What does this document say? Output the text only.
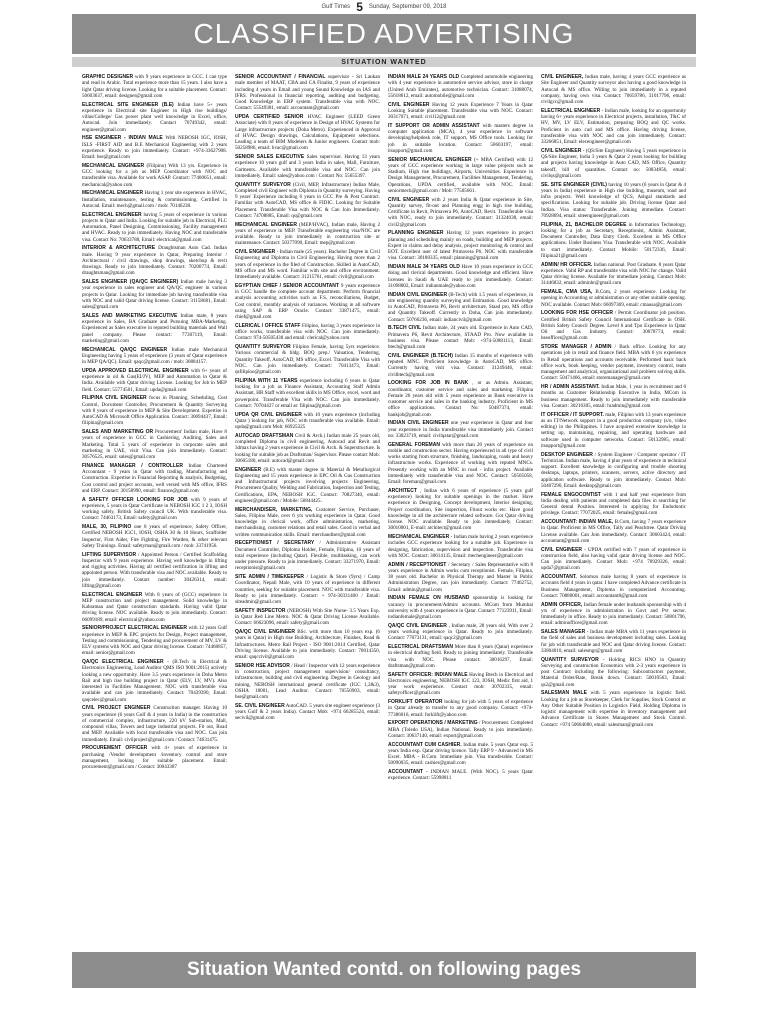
Gulf Times 5 Sunday, September 09, 2018
CLASSIFIED ADVERTISING
SITUATION WANTED

GRAPHIC DESIGNER with 9 years experience in GCC. I can type and read in Arabic. Total experience more than 15 years. I also have a light Qatar driving license. Looking for a suitable placement. Contact: 50603637, email: designer@gmail.com

ELECTRICAL SITE ENGINEER (B.E) Indian have 5+ years experience in Electrical site Engineer in High rise buildings/ villas/College/ Gas power plant well knowledge in Excel, office, Autocad. Join immediately. Contact 70749342, email: engineer@gmail.com

HSE ENGINEER - INDIAN MALE With NEBOSH IGC, IOSH, ISLS -FIRST AID and B.E Mechanical Engineering with 2 years experience. Ready to join immediately. Contact: +974-33627908. Email: hse@gmail.com

MECHANICAL ENGINEER (Filipino) With 13 yrs. Experience in GCC looking for a job as MEP Coordinator with NOC and transferable visa. Available for work ASAP. Contact: 77400651, email: mechanical@yahoo.com

MECHANICAL ENGINEER Having 1 year site experience in HVAC, Installation, maintenance, testing & commissioning. Certified in Autocad. Email: mech@gmail.com / mob: 70146238.

ELECTRICAL ENGINEER having 5 years of experience in various projects in Qatar and India. Looking for suitable job in Electrical, PLC Automation, Panel Designing, Commissioning, Facility management and HVAC. Ready to join immediately. Having NOC and transferable visa. Contact No: 70633788, Email: electrical@gmail.com

INTERIOR & ARCHITECTURE Draughtsman Auto Cad. Indian male. Having 9 year experience in Qatar, Preparing Interior / Architectural / civil drawings, shop drawings, sketchup & revit drawings. Ready to join immediately. Contact: 70200774, Email: draughtsman@gmail.com

SALES ENGINEER (QA/QC ENGINEER) Indian male having 3 year experience in sales engineer and QA/QC engineer in various projects in Qatar. Looking for immediate job having transferable visa with NOC and valid Qatar driving license. Contact: 31158681, Email: sales@gmail.com

SALES AND MARKETING EXECUTIVE Indian male, 8 years experience in Sales, BA Graduate and Pursuing MBA-Marketing. Experienced as Sales executive in reputed building materials and Wall panel company. Please contact: 77307119, Email: marketing@gmail.com

MECHANICAL QA/QC ENGINEER Indian male Mechanical Engineering having 5 years of experience (3 years of Qatar experience in MEP QA/QC). Email: qaqc@gmail.com / mob: 30884157.

UPDA APPROVED ELECTRICAL ENGINEER with 6+ years of experience in oil & Gas(EI/JV), MEP and Automation in Qatar & India. Available with Qatar driving License. Looking for Job in MEP field. Contact: 55774501, Email: upda@gmail.com

FILIPINA CIVIL ENGINEER focus in Planning, Scheduling, Cost Control, Document Controller, Procurement & Quantity Surveying with 8 years of experience in MEP & Site Development. Expertise in AutoCAD & Microsoft Office Application. Contact: 30694437, Email: filipina@gmail.com

SALES AND MARKETING OR Procurement' Indian male, Have 8 years of experience in GCC in Cashiering, Auditing, Sales and Marketing. Total 5 years of experience in corporate sales and marketing in UAE, visit Visa. Can join immediately. Contact: 30576525, email: sales@gmail.com

FINANCE MANAGER / CONTROLLER Indian Chartered Accountant - 9 years in Qatar with trading, Manufacturing and Construction. Expertise in Financial Reporting & analysis, Budgeting, Cost control and project accounts, well versed with MS office, IFRS and ERP. Contact: 30158990, email: finance@gmail.com

A SAFETY OFFICER LOOKING FOR JOB with 9 years of experience, 5 years in Qatar Certificate in NEBOSH IGC 1 2 3, IOSH working safely, British Safety council UK. With transferable visa. Contact: 74463173, Email: safety@gmail.com

MALE, 30, FILIPINO one 8 years of experience, Safety Officer, Certified NEBOSH IGC1, IOSH, OSHA 30 & 10 Hours, Scaffolder Inspector, First Aider, Fire Fighting, Fire Warden, & other relevant Safety Trainings. Email: safetyman@gmail.com / mob: 33741956.

LIFTING SUPERVISOR / Appointed Person / Certified Scaffolding Inspector with 9 years experience. Having well knowledge in lifting and rigging activities. Having all certified certification in lifting and appointed person. With transferable visa and NOC available. Ready to join immediately. Contact number: 30426314, email: lifting@gmail.com

ELECTRICAL ENGINEER With 8 years of (GCC) experience in MEP construction and project management. Solid knowledge in Kahramaa and Qatar construction standards. Having valid Qatar driving license. NOC available. Ready to join immediately. Contact: 66099189, email: electrical@yahoo.com

SENIOR/PROJECT ELECTRICAL ENGINEER with 12 years Gulf experience in MEP & EPC projects for Design, Project management, Testing and commissioning, Tendering and procurement of MV, LV & ELV systems with NOC and Qatar driving license. Contact: 74468857, email: senior@gmail.com

QA/QC ELECTRICAL ENGINEER - (B.Tech in Electrical & Electronics Engineering, Lead Auditor QMS ISO 9001:2015) actively looking a new opportunity. Have 3.5 years experience in Doha Metro Rail and high rise building project in Qatar (ELV, LV, MV). Also interested in Facilities Management. NOC with transferable visa available and can join immediately. Contact: 70439390, Email: qaqcelec@gmail.com

CIVIL PROJECT ENGINEER Construction manager. Having 10 years experience (6 years Gulf & 4 years in India) in the construction of commercial complex, infrastructure, 220 kV Sub-station, Mall, compound villas, Towers and large industrial projects. Fit out, Road and MEP. Available with local transferable visa and NOC. Can join immediately. Email: civilproject@gmail.com / Contact: 74631475.

PROCUREMENT OFFICER with 4+ years of experience in purchasing /Vendor development /inventory control and store management, looking for suitable placement. Email: procurement@gmail.com / Contact: 30043387

SENIOR ACCOUNTANT / FINANCIAL supervisor - Sri Lankan male member of MAAT, CBA and CA Finalist, 9 years of experience including 4 years in Email and young Sound Knowledge on IAS and IFRS. Professional in financial reporting, auditing and budgeting. Good Knowledge in ERP system. Transferable visa with NOC. Contact: 55549381, email: accountant@gmail.com

UPDA CERTIFIED SENIOR HVAC Engineer (LEED Green Associate) with 8 years of experience in Design of HVAC Systems for Large infrastructure projects (Doha Metro). Experienced in Approval of HVAC Design drawings, Calculations, Equipment selections. Leading a team of BIM Modelers & Junior engineers. Contact mob: 50258986, email: hvac@gmail.com

SENIOR SALES EXECUTIVE Sales supervisor. Having 13 years experience 10 years gulf and 3 years India in sales, Mall, Furniture, Garments. Available with transferable visa and NOC. Can join immediately. Email: sales@yahoo.com / Contact No: 55655397.

QUANTITY SURVEYOR (Civil, MEP, Infrastructure) Indian Male, Completed civil Engineer with Diploma in Quantity surveying. Having 9 years' Experience including 6 years in GCC Pre & Post Contract. Familiar with AutoCAD, MS office & FIDIC. Looking for Suitable Placement. Transferable Visa with NOC & Can Join Immediately. Contact: 74708885, Email: qs@gmail.com

MECHANICAL ENGINEER (MEP/HVAC), Indian male, Having 2 years of experience in MEP. Transferable engineering visa/NOC are available. Ready to join immediately in construction site or maintenance. Contact: 50377090, Email: mep@gmail.com

CIVIL ENGINEER - Indian male (25 years). Bachelor Degree in Civil Engineering and Diploma in Civil Engineering. Having more than 2 years of experience in the filed of Construction. Skilled in AutoCAD, MS office and MS word. Familiar with site and office environment. Immediately available. Contact: 31215761, email: civil@gmail.com

EGYPTIAN CHIEF / SENIOR ACCOUNTANT 9 years experience in GCC handle the complete account department. Perform financial analysis accounting activities such as F.S, reconciliations, Budget, Cost control, monthly analysis of variances. Working in all software using SAP & ERP Oracle. Contact: 33871475, email: chief@gmail.com

CLERICAL / OFFICE STAFF Filipino, having 3 years experience in office works, transferable visa with NOC. Can join immediately. Contact: 974-50505438 and email: clerical@yahoo.com

QUANTITY SURVEYOR Filipino Female, having 5yrs experience. Various commercial & bldg. BOQ prep./ Valuation, Tendering, Quantity Takeoff, AutoCAD, MS office, Excel. Transferable Visa with NOC. Can join immediately. Contact: 70413473, Email: qsfilipino@gmail.com

FILIPINA WITH 11 YEARS experience including 6 years in Qatar looking for a job as Finance Assistant, Accounting Staff Admin Assistant, HR Staff with excellent skills in MS Office, excel, word and powerpoint. Transferable Visa with NOC. Can join immediately. Contact: 70704427 or email at: filipina@gmail.com

UPDA QR CIVIL ENGINEER with 10 years experience (including Qatar ) looking for job, NOC with transferable visa available. Email: upda@gmail.com Mob: 66925325

AUTOCAD DRAFTSMAN Civil & Arch.) Indian male 25 years old, completed Diploma in civil engineering, Autocad and Revit and 3dmax having 2 years experience in Civil & Arch. & Superstructure. Is looking for suitable job as Draftsman/ Supervisor. Please contact Mob: 30605180, email: autocad@gmail.com

ENGINEER (B.E) with master degree in Material & Metallurgical Engineering and 15 years experience in EPC Oil & Gas Construction and Infrastructural projects involving projects Engineering, Procurement Quality, Welding and Fabrication, Inspection and Testing, Certifications, EPA, NEBOSH IGC. Contact: 70827340, email: engineer@gmail.com / Mobile: 50844425.

MERCHANDISER, MARKETING, Customer Service, Purchaser, Sales, Filipino Male, over 6 yrs working experience in Qatar. Good knowledge in clerical work, office administration, marketing, merchandising, customer relations and retail sales. Good in verbal and written communication skills. Email: merchandiser@gmail.com

RECEPTIONIST / SECRETARY / Administrative Assistant Document Controller, Diploma Holder, Female, Filipina, 10 years of total experience (including Qatar). Flexible, multitasking, can work under pressure. Ready to join immediately. Contact: 33271970, Email: receptionist@gmail.com

SITE ADMIN / TIMEKEEPER / Logistic & Store (9yrs) / Camp Coordinator, Nepali Male, with 10 years of experience in different countries, seeking for suitable placement. NOC with transferable visa. Ready to join immediately. Contact: + 974-30331400 / Email: siteadmin@gmail.com

SAFETY INSPECTOR (NEBOSH) With Site Nurse- 3.5 Years Exp. in Qatar Red Line Metro. NOC & Qatar Driving License Available. Contact: 66623096, email: safety@gmail.com

QA/QC CIVIL ENGINEER BSc. with more than 10 years exp. (6 years in Qatar) in High rise Building, Architecture, Finishes, Road & Infrastructures. Metro Rail Project - ISO 9001:2014 Certified, Qatar Driving license. Available to join immediately. Contact: 70014350, email: qaqccivil@gmail.com

SENIOR HSE ADVISOR / Head / Inspector with 12 years experience in construction, project management supervision/ consultancy, infrastructure, building and civil engineering. Degree in Geology and mining, NEBOSH international general certificate (IGC 1,2&3), OSHA 18001, Lead Auditor. Contact: 70550903, email: hse@gmail.com

SE. CIVIL ENGINEER AutoCAD. 5 years site engineer experience (3 years Gulf & 2 years India). Contact Mob: +974 66285524, email: secivil@gmail.com

INDIAN MALE 24 YEARS OLD Completed automobile engineering with 4 year experience in automotive service advisor, store in charge (United Arab Emirates), automotive technician. Contact: 31088074, 55618612, email: automobile@gmail.com

CIVIL ENGINEER Having 12 years Experience 7 Years in Qatar Looking Suitable placement. Transferable visa with NOC. Contact: 30317071, email: civil12@gmail.com

IT SUPPORT OR ADMIN ASSISTANT with masters degree in computer application (MCA), 4 year experience in software developing/helpdesk role, IT support, MS Office tools. Looking for job in suitable location. Contact: 50603197, email: itsupport@gmail.com

SENIOR MECHANICAL ENGINEER (+ MBA Certified) with 12 years of GCC experience working in large value projects such as Stadium, High rise buildings, Airports, Universities. Experience in Design Management, Procurement, Facilities Management, Tendering, Operations, UPDA certified, available with NOC. Email: seniormech@gmail.com / Mob: 77505661.

CIVIL ENGINEER with 2 years India & Qatar experience in Site, Quantity survey, fit-out and Planning engg in high rise building, Certificate in Revit, Primavera P6, AutoCAD, Revit. Transferable visa with NOC, ready to join immediately. Contact: 31324038, email: civil2@gmail.com

PLANNING ENGINEER Having 12 years experience in project planning and scheduling mainly on roads, building and MEP projects. Expert in claims and delay analysis, project monitoring & control and EOT. Excellent user of latest Primavera P6. NOC with transferable visa. Contact: 30180335, email: planning@gmail.com

INDIAN MALE 34 YEARS OLD Have 10 years experience in GCC doing and clerical departments. Good knowledge and efficient. Have licenses in Saudi & UAE ready to join immediately. Contact: 31098602, Email: indianmale@yahoo.com

INDIAN CIVIL ENGINEER (B-Tech) with 1.5 years of experience, in site engineering quantity surveying and Estimation. Good knowledge in AutoCAD, Primavera P6, Revit architecture, Staad pro, MS office and Quantity Takeoff. Currently in Doha, Can join immediately. Contact: 50766236, email: indiancivil@gmail.com

B.TECH CIVIL Indian male, 24 years old. Experience in Auto CAD, Primavera P6, Revit Architecture, STAAD Pro. Now available in business visa. Please contact Mob: +974-50881113, Email: btech@gmail.com

CIVIL ENGINEER (B.TECH) Indian 15 months of experience with reputed MNC. Proficient knowledge in AutoCAD, MS office. Currently having visit visa. Contact: 31249446, email: civilbtech@gmail.com

LOOKING FOR JOB IN BANK , or as Admin. Assistant, coordinator, customer service and sales and marketing. Filipina Female 26 years old with 5 years experience as Bank executive in customer service and sales in the banking industry. Proficient in MS office applications. Contact No: 50487374, email: bankjob@gmail.com

INDIAN CIVIL ENGINEER one year experience in Qatar and four year experience in India transferable visa immediately join. Contact no: 33823719, email: civilqatar@gmail.com

GENERAL FOREMAN with more than 20 years of experience on mobile and construction sector. Having experienced in all type of civil works starting from structure, finishing, landscaping, roads and heavy infrastructure works. Experience of working with reputed MNCs. Presently working with an MNC in road - infra project. Available immediately with transferable visa and NOC. Contact: 50505058, Email: foreman@gmail.com

ARCHITECT , Indian with 6 years of experience (5 years gulf experience) looking for suitable openings in the market. Have experience in Designing, Concept development, Interior designing, Project coordination, Site inspection, Fitout works etc. Have good knowledge in all the architecture related software. Got Qatar driving license. NOC available. Ready to join immediately. Contact: 30010001, E-mail: architect@gmail.com

MECHANICAL ENGINEER - Indian male having 2 years experience includes GCC experience looking for a suitable job. Experience in designing, fabrication, supervision and inspection. Transferable visa with NOC. Contact: 30614135, Email: mechengineer@gmail.com

ADMIN / RECEPTIONIST / Secretary / Sales Representative with 8 years experience in Admin works cum receptionist. Female, Filipina, 38 years old. Bachelor in Physical Therapy and Master in Public Administration Degree, can join immediately. Contact: 77462752, Email: admin@gmail.com

INDIAN FEMALE ON HUSBAND sponsorship is looking for vacancy in procurement/Admin/ accounts. MCom from Mumbai university with 4 years experience in Qatar. Contact: 77123911, Email: indianfemale@gmail.com

QA/QC CIVIL ENGINEER , Indian male, 28 years old, With over 2 years working experience in Qatar. Ready to join immediately. Contact: 77073131, email: qaqc2@gmail.com

ELECTRICAL DRAFTSMAN More than 8 years (Qatar) experience in electrical drafting field. Ready to joining immediately. Transferable visa with NOC. Please contact: 30016297, Email: draftsman@gmail.com

SAFETY OFFICER: INDIAN MALE Having Btech in Electrical and Electronics engineering, NEBOSH IGC 123, IOSH, Medic first aid, 1 year work experience. Contact mob: 30702335, email: safetyofficer@gmail.com

FORKLIFT OPERATOR looking for job with 5 years of experience in Qatar already to transfer to any good company. Contact: +974-77386016, email: forklift@yahoo.com

EXPORT OPERATIONS / MARKETING / Procurement. Completed MBA (Toledo USA), Indian National. Ready to join immediately. Contact: 30637140, email: export@gmail.com

ACCOUNTANT CUM CASHIER. Indian male. 5 years Qatar exp. 5 years India exp. Qatar driving licence. Tally ERP 9 - Advanced in MS Excel. MBA - B.Com. Immediate join. Visa transferable. Contact: 50090035, email: cashier@gmail.com

ACCOUNTANT - INDIAN MALE. (With NOC). 5 years Qatar experience. Contact: 55998811

CIVIL ENGINEER, Indian male, having 4 years GCC experience as Site Engineer and Quantity surveyor also having a good knowledge in Autocad & MS office. Willing to join immediately in a reputed company, having own visa. Contact: 70659786, 31017796, email: civilgcc@gmail.com

ELECTRICAL ENGINEER - Indian male, looking for an opportunity having 6+ years experience in Electrical projects, installation, T&C of HV, MV, LV ELV, Estimation, preparing BOQ and QC works. Proficient in auto cad and MS office. Having driving license, transferable visa with NOC and can join immediately. Contact: 33266851, Email: elecengineer@gmail.com

CIVIL ENGINEER - (QS/Site Engineer) Having 5 years experience in QS/Site Engineer, India 3 years & Qatar 2 years looking for building and projects having knowledge in Auto CAD, MS Office, Quantity takeoff, bill of quantities. Contact no: 50834856, email: civilqs@gmail.com

SE. SITE ENGINEER (CIVIL) having 10 years (6 years in Qatar & 4 years in India) experience in High rise building, museum, road and infra projects. Well knowledge of QCS, Ashgal standards and specifications. Looking for suitable job. Driving license Qatar and Indian. Visa status: Transferable. Joining immediate. Contact: 70928694, email: siteengineer@gmail.com

FILIPINA, 21, BACHELOR DEGREE in Information Technology, looking for a job as Secretary, Receptionist, Admin Assistant, Document Controller, Data Entry Clerk. Excellent in MS Office applications. Under Business Visa. Transferable with NOC. Available to start immediately. Contact Mobile: 50172336, Email: filipina21@gmail.com

ADMIN/ HR OFFICER. Indian national. Post Graduate. 8 years Qatar experience. Valid RP and transferable visa with NOC for change. Valid Qatar driving license. Available for immediate joining. Contact Mob: 31446832, email: adminhr@gmail.com

FEMALE, CMA USA, B.Com, 2 years experience. Looking for opening in Accounting or administration or any other suitable opening. NOC available. Contact Mob: 66097369, email: cmausa@gmail.com

LOOKING FOR HSE OFFICER / Permit Coordinator job position. Certified British Safety Council International Certificate in OSH. British Safety Council Degree. Level 6 and Tpo Experience in Qatar Oil and Gas Industry. Contact: 30078774, email: hseofficer@gmail.com

STORE MANAGER / ADMIN / Back office. Looking for any operations job in retail and finance field. MBA with 6 yrs experience in Retail operations and accounts receivable. Performed basic back office work, book keeping, vendor payment, inventory control, team management and analytical, organizational and problem solving skills. Contact: 50471466, email: storemanager@gmail.com

HR / ADMIN ASSISTANT. Indian Male, 1 year in recruitment and 6 months as Customer Relationship Executive in India, MCom in business management. Ready to join immediately with transferable visa. Contact: 30216305, email: hradmin@gmail.com

IT OFFICER / IT SUPPORT. male, Filipino with 13 years experience as an IT/Network support in a good production company (s/o, video editing) in the Philippines. I have acquired extensive knowledge in setting up, maintaining, repairing, and operating hardware and software used in computer networks. Contact: 50132985, email: itsupport@gmail.com

DESKTOP ENGINEER / System Engineer / Computer operator / IT Technician. Indian male, having 4 plus years of experience in technical support. Excellent knowledge in configuring and trouble shooting desktops, laptops, printers, scanners, servers, active directory and application software. Ready to join immediately. Contact Mob: 50407290, Email: desktop@gmail.com

FEMALE ENGOCONTIST with 1 and half year experience from India dealing with patients and completed data files in searching for General dental Position. Interested in applying for Endodontic privilege. Contact: 77072025, email: female@gmail.com

ACCOUNTANT: INDIAN MALE, B.Com, having 7 years experience in Qatar. Proficient in MS Office, Tally and Peachtree. Qatar Driving License available. Can Join immediately. Contact: 30603424, email: accountant@gmail.com

CIVIL ENGINEER - UPDA certified with 7 years of experience in construction field, also having valid qatar driving license and NOC. Can join immediately. Contact Mob: +974 70929326, email: upda7@gmail.com

ACCOUNTANT. Solomon male having 8 years of experience in accounts field 4 years in qatar. I have completed Advance certificate in Business Management, Diploma in computerized Accounting. Contact: 70880001, email: accountant8@gmail.com

ADMIN OFFICER, Indian female under husbands sponsorship with 4 yrs of experience in administration in Govt and Pvt sector. Immediately in office. Ready to join immediately. Contact: 50801796, email: adminofficer@gmail.com

SALES MANAGER - Indian male MBA with 11 years experience in the field of sales and business development including sales. Looking for job with transferable and NOC and Qatar driving license. Contact: 33804010, email: salesmgr@gmail.com

QUANTITY SURVEYOR - Holding RICS HNO in Quantity Surveying and construction Economics with 2-3 years experience in post Contract including the following: Subcontractors payment, Material Order/Rate, Break down. Contact: 50010563, Email: qs2@gmail.com

SALESMAN MALE with 5 years experience in logistic field. Looking for a job as Storekeeper, Clerk for Supplies, Stock Control or Any Other Suitable Position in Logistics Field. Holding Diploma in logistic management with expertise in inventory management and Advance Certificate in Stores Management and Stock Control. Contact: +974 50684680, email: salesman@gmail.com

Situation Wanted contd. on following pages
